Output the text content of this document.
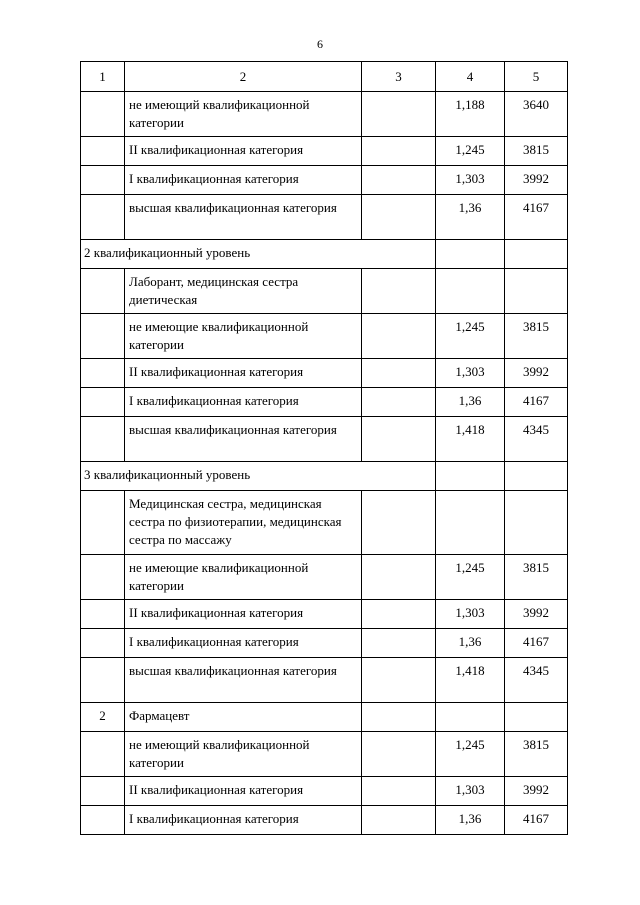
6
1	2	3	4	5
	не имеющий квалификационной категории		1,188	3640
	II квалификационная категория		1,245	3815
	I квалификационная категория		1,303	3992
	высшая квалификационная категория		1,36	4167
2 квалификационный уровень				
	Лаборант, медицинская сестра диетическая			
	не имеющие квалификационной категории		1,245	3815
	II квалификационная категория		1,303	3992
	I квалификационная категория		1,36	4167
	высшая квалификационная категория		1,418	4345
3 квалификационный уровень				
	Медицинская сестра, медицинская сестра по физиотерапии, медицинская сестра по массажу			
	не имеющие квалификационной категории		1,245	3815
	II квалификационная категория		1,303	3992
	I квалификационная категория		1,36	4167
	высшая квалификационная категория		1,418	4345
2	Фармацевт			
	не имеющий квалификационной категории		1,245	3815
	II квалификационная категория		1,303	3992
	I квалификационная категория		1,36	4167
